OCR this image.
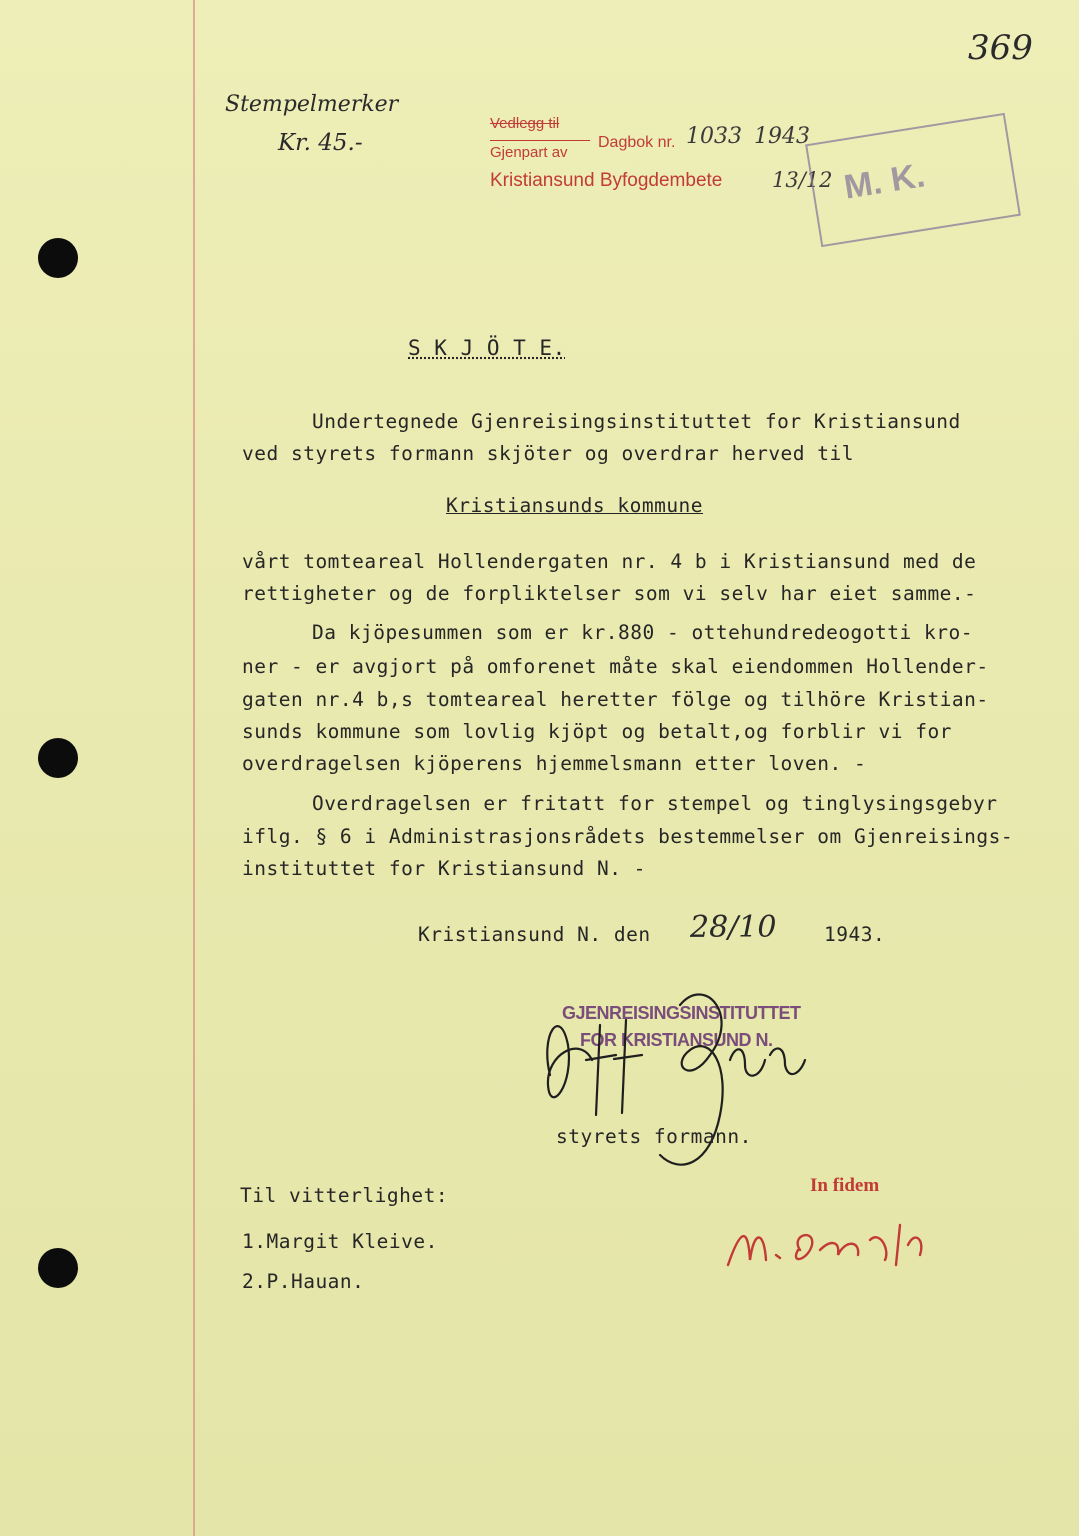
369
Stempelmerker
Kr. 45.-
Vedlegg til
Gjenpart av
Dagbok nr. 1033 1943
Kristiansund Byfogdembete 13/12 M. K.
S K J Ö T E.
Undertegnede Gjenreisingsinstituttet for Kristiansund
ved styrets formann skjöter og overdrar herved til
Kristiansunds kommune
vårt tomteareal Hollendergaten nr. 4 b i Kristiansund med de
rettigheter og de forpliktelser som vi selv har eiet samme.-
Da kjöpesummen som er kr.880 - ottehundredeogotti kro-
ner - er avgjort på omforenet måte skal eiendommen Hollender-
gaten nr.4 b,s tomteareal heretter fölge og tilhöre Kristian-
sunds kommune som lovlig kjöpt og betalt,og forblir vi for
overdragelsen kjöperens hjemmelsmann etter loven. -
Overdragelsen er fritatt for stempel og tinglysingsgebyr
iflg. § 6 i Administrasjonsrådets bestemmelser om Gjenreisings-
instituttet for Kristiansund N. -
Kristiansund N. den 28/10 1943.
GJENREISINGSINSTITUTTET
FOR KRISTIANSUND N.
styrets formann.
Til vitterlighet:
1.Margit Kleive.
2.P.Hauan.
In fidem
